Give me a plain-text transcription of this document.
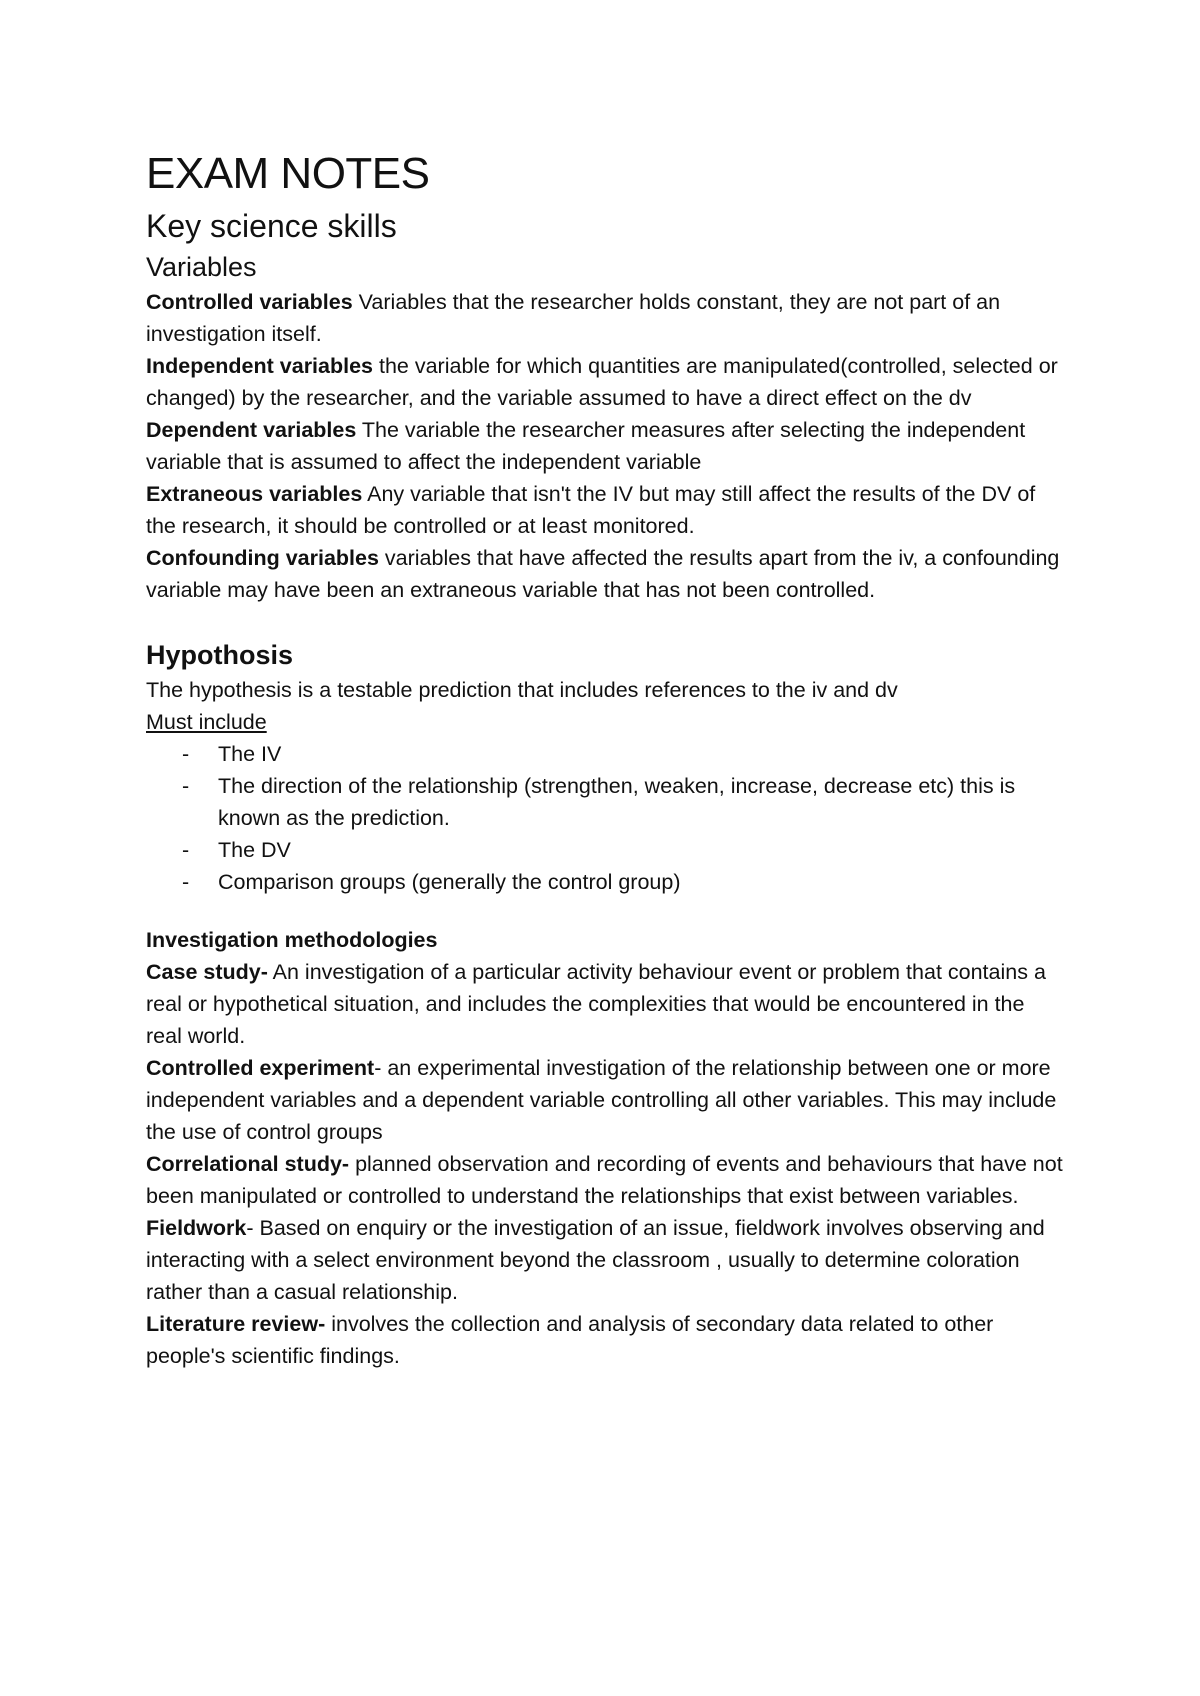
EXAM NOTES
Key science skills
Variables

Controlled variables Variables that the researcher holds constant, they are not part of an investigation itself.

Independent variables the variable for which quantities are manipulated(controlled, selected or changed) by the researcher, and the variable assumed to have a direct effect on the dv

Dependent variables The variable the researcher measures after selecting the independent variable that is assumed to affect the independent variable

Extraneous variables Any variable that isn't the IV but may still affect the results of the DV of the research, it should be controlled or at least monitored.

Confounding variables variables that have affected the results apart from the iv, a confounding variable may have been an extraneous variable that has not been controlled.

Hypothosis

The hypothesis is a testable prediction that includes references to the iv and dv

Must include

- The IV
- The direction of the relationship (strengthen, weaken, increase, decrease etc) this is known as the prediction.
- The DV
- Comparison groups (generally the control group)

Investigation methodologies

Case study- An investigation of a particular activity behaviour event or problem that contains a real or hypothetical situation, and includes the complexities that would be encountered in the real world.

Controlled experiment- an experimental investigation of the relationship between one or more independent variables and a dependent variable controlling all other variables. This may include the use of control groups

Correlational study- planned observation and recording of events and behaviours that have not been manipulated or controlled to understand the relationships that exist between variables.

Fieldwork- Based on enquiry or the investigation of an issue, fieldwork involves observing and interacting with a select environment beyond the classroom , usually to determine coloration rather than a casual relationship.

Literature review- involves the collection and analysis of secondary data related to other people's scientific findings.
